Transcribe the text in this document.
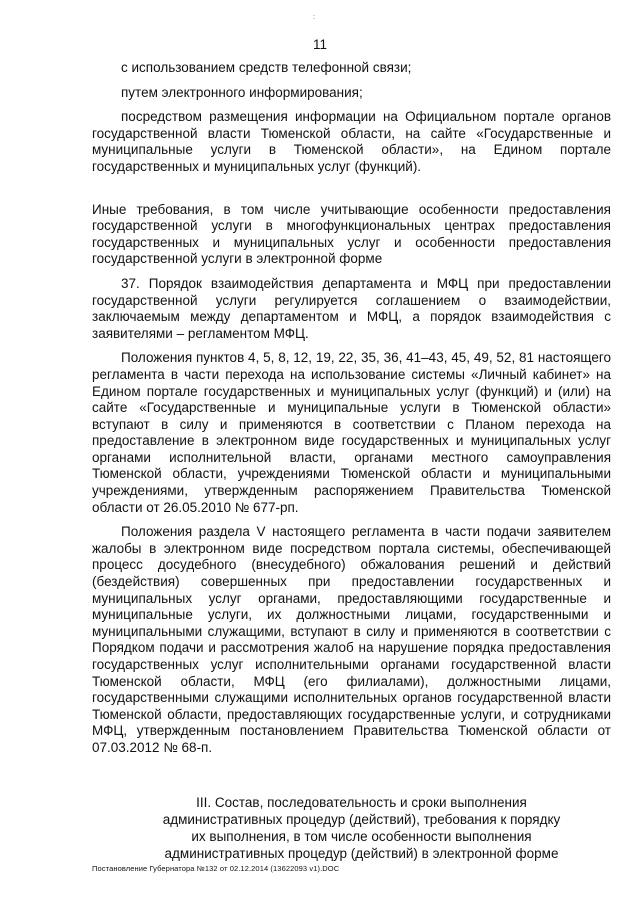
:
11

с использованием средств телефонной связи;

путем электронного информирования;

посредством размещения информации на Официальном портале органов государственной власти Тюменской области, на сайте «Государственные и муниципальные услуги в Тюменской области», на Едином портале государственных и муниципальных услуг (функций).

Иные требования, в том числе учитывающие особенности предоставления государственной услуги в многофункциональных центрах предоставления государственных и муниципальных услуг и особенности предоставления государственной услуги в электронной форме

37. Порядок взаимодействия департамента и МФЦ при предоставлении государственной услуги регулируется соглашением о взаимодействии, заключаемым между департаментом и МФЦ, а порядок взаимодействия с заявителями – регламентом МФЦ.

Положения пунктов 4, 5, 8, 12, 19, 22, 35, 36, 41–43, 45, 49, 52, 81 настоящего регламента в части перехода на использование системы «Личный кабинет» на Едином портале государственных и муниципальных услуг (функций) и (или) на сайте «Государственные и муниципальные услуги в Тюменской области» вступают в силу и применяются в соответствии с Планом перехода на предоставление в электронном виде государственных и муниципальных услуг органами исполнительной власти, органами местного самоуправления Тюменской области, учреждениями Тюменской области и муниципальными учреждениями, утвержденным распоряжением Правительства Тюменской области от 26.05.2010 № 677-рп.

Положения раздела V настоящего регламента в части подачи заявителем жалобы в электронном виде посредством портала системы, обеспечивающей процесс досудебного (внесудебного) обжалования решений и действий (бездействия) совершенных при предоставлении государственных и муниципальных услуг органами, предоставляющими государственные и муниципальные услуги, их должностными лицами, государственными и муниципальными служащими, вступают в силу и применяются в соответствии с Порядком подачи и рассмотрения жалоб на нарушение порядка предоставления государственных услуг исполнительными органами государственной власти Тюменской области, МФЦ (его филиалами), должностными лицами, государственными служащими исполнительных органов государственной власти Тюменской области, предоставляющих государственные услуги, и сотрудниками МФЦ, утвержденным постановлением Правительства Тюменской области от 07.03.2012 № 68-п.

III. Состав, последовательность и сроки выполнения
административных процедур (действий), требования к порядку
их выполнения, в том числе особенности выполнения
административных процедур (действий) в электронной форме

Постановление Губернатора №132 от 02.12.2014 (13622093 v1).DOC
